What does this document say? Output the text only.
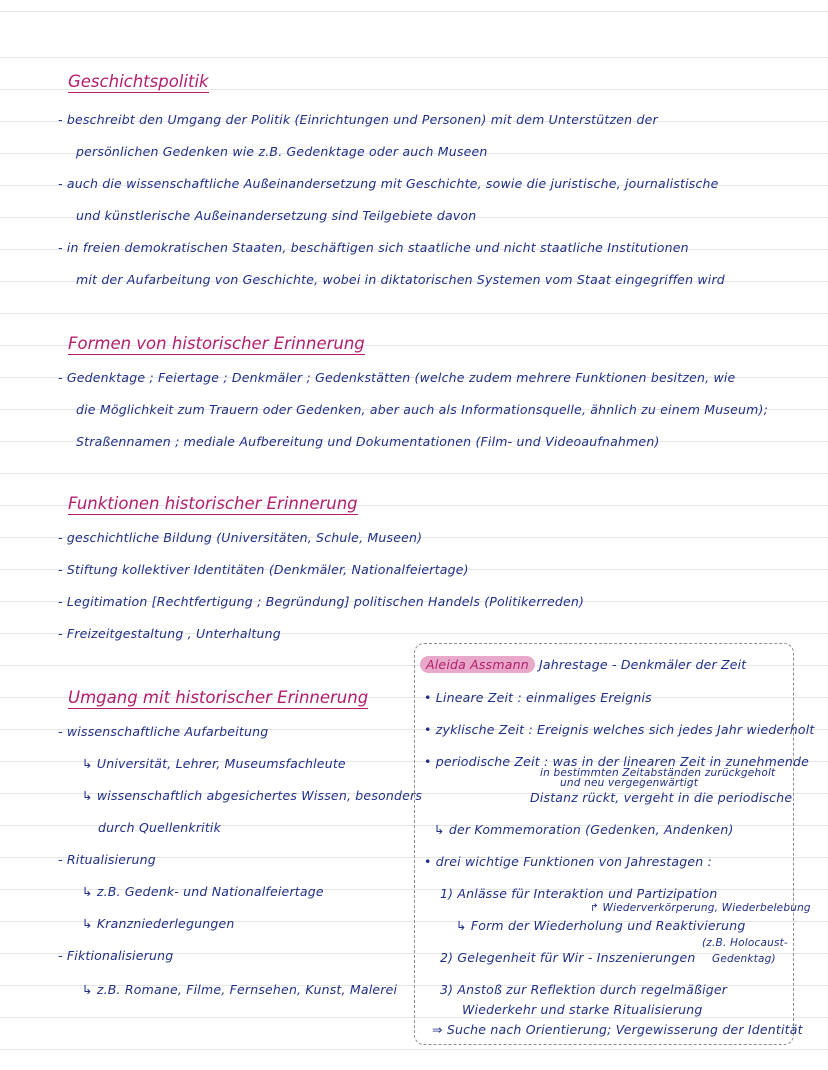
Geschichtspolitik
- beschreibt den Umgang der Politik (Einrichtungen und Personen) mit dem Unterstützen der
persönlichen Gedenken wie z.B. Gedenktage oder auch Museen
- auch die wissenschaftliche Außeinandersetzung mit Geschichte, sowie die juristische, journalistische
und künstlerische Außeinandersetzung sind Teilgebiete davon
- in freien demokratischen Staaten, beschäftigen sich staatliche und nicht staatliche Institutionen
mit der Aufarbeitung von Geschichte, wobei in diktatorischen Systemen vom Staat eingegriffen wird
Formen von historischer Erinnerung
- Gedenktage ; Feiertage ; Denkmäler ; Gedenkstätten (welche zudem mehrere Funktionen besitzen, wie
die Möglichkeit zum Trauern oder Gedenken, aber auch als Informationsquelle, ähnlich zu einem Museum);
Straßennamen ; mediale Aufbereitung und Dokumentationen (Film- und Videoaufnahmen)
Funktionen historischer Erinnerung
- geschichtliche Bildung (Universitäten, Schule, Museen)
- Stiftung kollektiver Identitäten (Denkmäler, Nationalfeiertage)
- Legitimation [Rechtfertigung ; Begründung] politischen Handels (Politikerreden)
- Freizeitgestaltung , Unterhaltung
Umgang mit historischer Erinnerung
- wissenschaftliche Aufarbeitung
↳ Universität, Lehrer, Museumsfachleute
↳ wissenschaftlich abgesichertes Wissen, besonders
durch Quellenkritik
- Ritualisierung
↳ z.B. Gedenk- und Nationalfeiertage
↳ Kranzniederlegungen
- Fiktionalisierung
↳ z.B. Romane, Filme, Fernsehen, Kunst, Malerei
Aleida Assmann Jahrestage - Denkmäler der Zeit
• Lineare Zeit : einmaliges Ereignis
• zyklische Zeit : Ereignis welches sich jedes Jahr wiederholt
• periodische Zeit : was in der linearen Zeit in zunehmende
in bestimmten Zeitabständen zurückgeholt
und neu vergegenwärtigt
Distanz rückt, vergeht in die periodische
↳ der Kommemoration (Gedenken, Andenken)
• drei wichtige Funktionen von Jahrestagen :
1) Anlässe für Interaktion und Partizipation
↱ Wiederverkörperung, Wiederbelebung
↳ Form der Wiederholung und Reaktivierung
(z.B. Holocaust-
2) Gelegenheit für Wir - Inszenierungen Gedenktag)
3) Anstoß zur Reflektion durch regelmäßiger
Wiederkehr und starke Ritualisierung
⇒ Suche nach Orientierung; Vergewisserung der Identität
